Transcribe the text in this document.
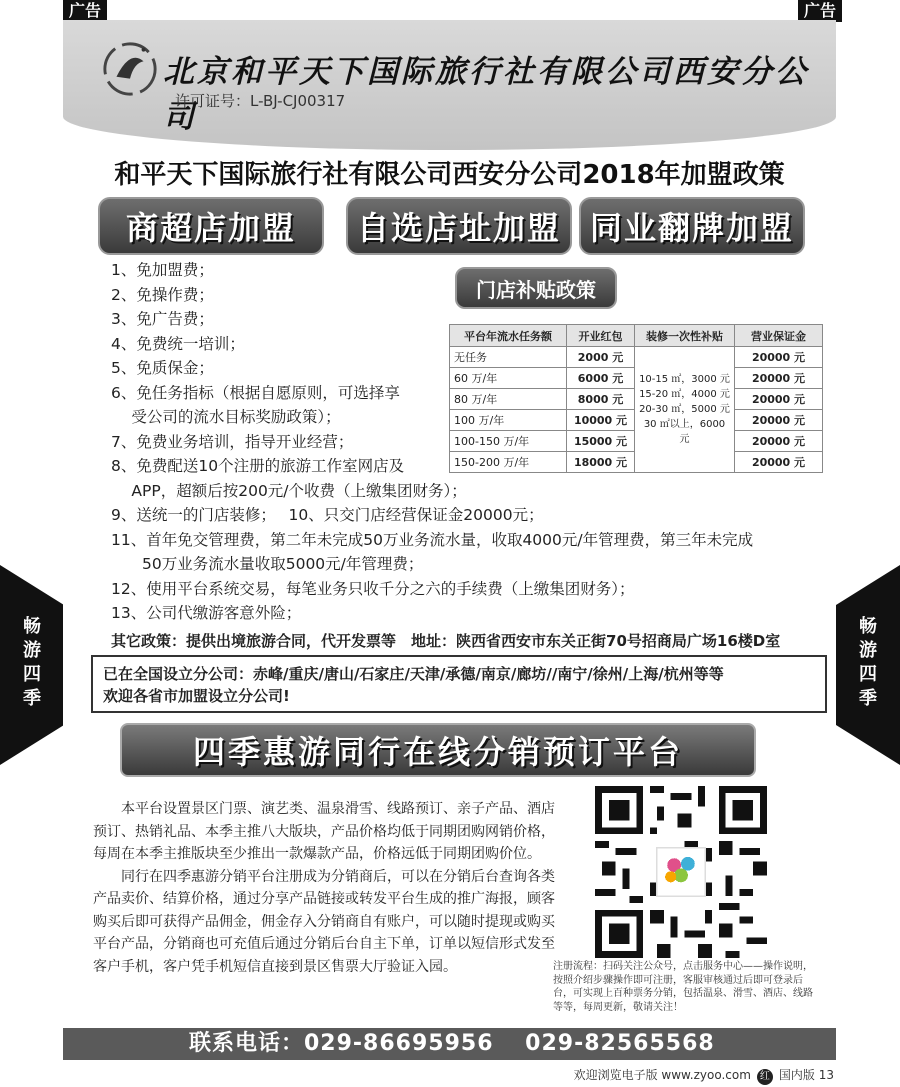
广告	广告
畅游四季
畅游四季
北京和平天下国际旅行社有限公司西安分公司
许可证号：L-BJ-CJ00317
和平天下国际旅行社有限公司西安分公司2018年加盟政策
商超店加盟	自选店址加盟 同业翻牌加盟
1、免加盟费；
2、免操作费；
3、免广告费；
4、免费统一培训；
5、免质保金；
6、免任务指标（根据自愿原则，可选择享
　 受公司的流水目标奖励政策）；
7、免费业务培训，指导开业经营；
8、免费配送10个注册的旅游工作室网店及
　 APP，超额后按200元/个收费（上缴集团财务）；
9、送统一的门店装修；　 10、只交门店经营保证金20000元；
11、首年免交管理费，第二年未完成50万业务流水量，收取4000元/年管理费，第三年未完成
　　50万业务流水量收取5000元/年管理费；
12、使用平台系统交易，每笔业务只收千分之六的手续费（上缴集团财务）；
13、公司代缴游客意外险；
门店补贴政策
平台年流水任务额	开业红包	装修一次性补贴	营业保证金
无任务	2000 元	10-15 ㎡，3000 元
15-20 ㎡，4000 元
20-30 ㎡，5000 元
30 ㎡以上，6000 元	20000 元
60 万/年	6000 元		20000 元
80 万/年	8000 元		20000 元
100 万/年	10000 元		20000 元
100-150 万/年	15000 元		20000 元
150-200 万/年	18000 元		20000 元
其它政策：提供出境旅游合同，代开发票等　地址：陕西省西安市东关正街70号招商局广场16楼D室
已在全国设立分公司：赤峰/重庆/唐山/石家庄/天津/承德/南京/廊坊//南宁/徐州/上海/杭州等等
欢迎各省市加盟设立分公司!
四季惠游同行在线分销预订平台

本平台设置景区门票、演艺类、温泉滑雪、线路预订、亲子产品、酒店预订、热销礼品、本季主推八大版块，产品价格均低于同期团购网销价格，每周在本季主推版块至少推出一款爆款产品，价格远低于同期团购价位。

同行在四季惠游分销平台注册成为分销商后，可以在分销后台查询各类产品卖价、结算价格，通过分享产品链接或转发平台生成的推广海报，顾客购买后即可获得产品佣金，佣金存入分销商自有账户，可以随时提现或购买平台产品，分销商也可充值后通过分销后台自主下单，订单以短信形式发至客户手机，客户凭手机短信直接到景区售票大厅验证入园。	注册流程：扫码关注公众号，点击服务中心——操作说明，按照介绍步骤操作即可注册，客服审核通过后即可登录后台，可实现上百种票务分销，包括温泉、滑雪、酒店、线路等等，每周更新，敬请关注！
联系电话：029-86695956　 029-82565568
欢迎浏览电子版 www.zyoo.com 红 国内版 13
